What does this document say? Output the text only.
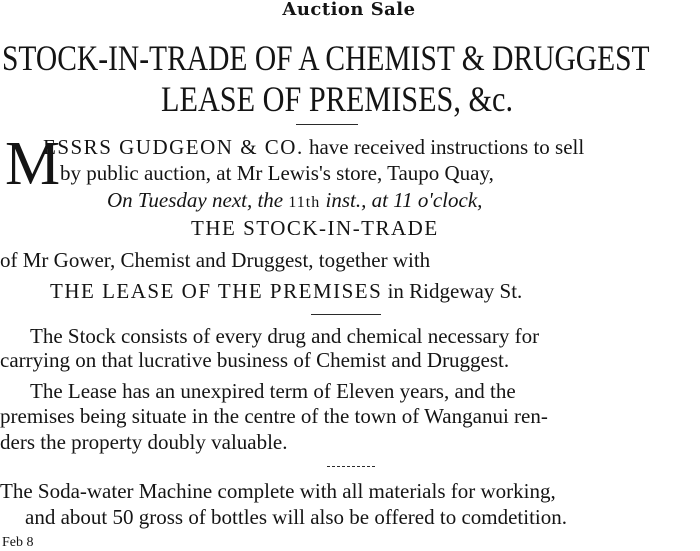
Auction Sale
STOCK-IN-TRADE OF A CHEMIST & DRUGGEST
LEASE OF PREMISES, &c.
M
ESSRS GUDGEON & CO. have received instructions to sell
by public auction, at Mr Lewis's store, Taupo Quay,
On Tuesday next, the 11th inst., at 11 o'clock,
THE STOCK-IN-TRADE
of Mr Gower, Chemist and Druggest, together with
THE LEASE OF THE PREMISES in Ridgeway St.
The Stock consists of every drug and chemical necessary for
carrying on that lucrative business of Chemist and Druggest.
The Lease has an unexpired term of Eleven years, and the
premises being situate in the centre of the town of Wanganui ren-
ders the property doubly valuable.
The Soda-water Machine complete with all materials for working,
and about 50 gross of bottles will also be offered to comdetition.
Feb 8
